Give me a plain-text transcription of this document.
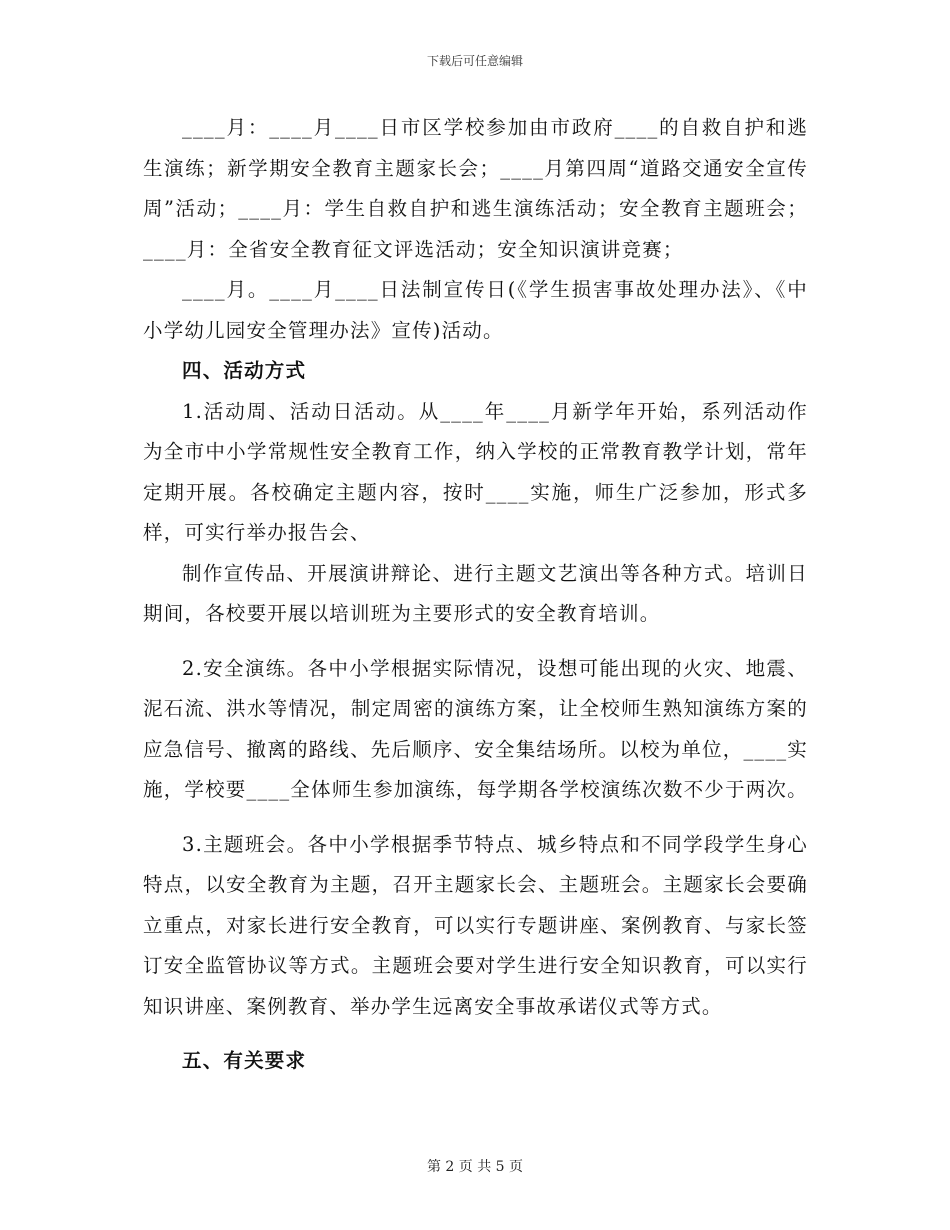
下载后可任意编辑

____月：____月____日市区学校参加由市政府____的自救自护和逃生演练；新学期安全教育主题家长会；____月第四周“道路交通安全宣传周”活动；____月：学生自救自护和逃生演练活动；安全教育主题班会；____月：全省安全教育征文评选活动；安全知识演讲竞赛；

____月。____月____日法制宣传日(《学生损害事故处理办法》、《中小学幼儿园安全管理办法》宣传)活动。

四、活动方式

1.活动周、活动日活动。从____年____月新学年开始，系列活动作为全市中小学常规性安全教育工作，纳入学校的正常教育教学计划，常年定期开展。各校确定主题内容，按时____实施，师生广泛参加，形式多样，可实行举办报告会、

制作宣传品、开展演讲辩论、进行主题文艺演出等各种方式。培训日期间，各校要开展以培训班为主要形式的安全教育培训。

2.安全演练。各中小学根据实际情况，设想可能出现的火灾、地震、泥石流、洪水等情况，制定周密的演练方案，让全校师生熟知演练方案的应急信号、撤离的路线、先后顺序、安全集结场所。以校为单位，____实施，学校要____全体师生参加演练，每学期各学校演练次数不少于两次。

3.主题班会。各中小学根据季节特点、城乡特点和不同学段学生身心特点，以安全教育为主题，召开主题家长会、主题班会。主题家长会要确立重点，对家长进行安全教育，可以实行专题讲座、案例教育、与家长签订安全监管协议等方式。主题班会要对学生进行安全知识教育，可以实行知识讲座、案例教育、举办学生远离安全事故承诺仪式等方式。

五、有关要求

第 2 页 共 5 页
